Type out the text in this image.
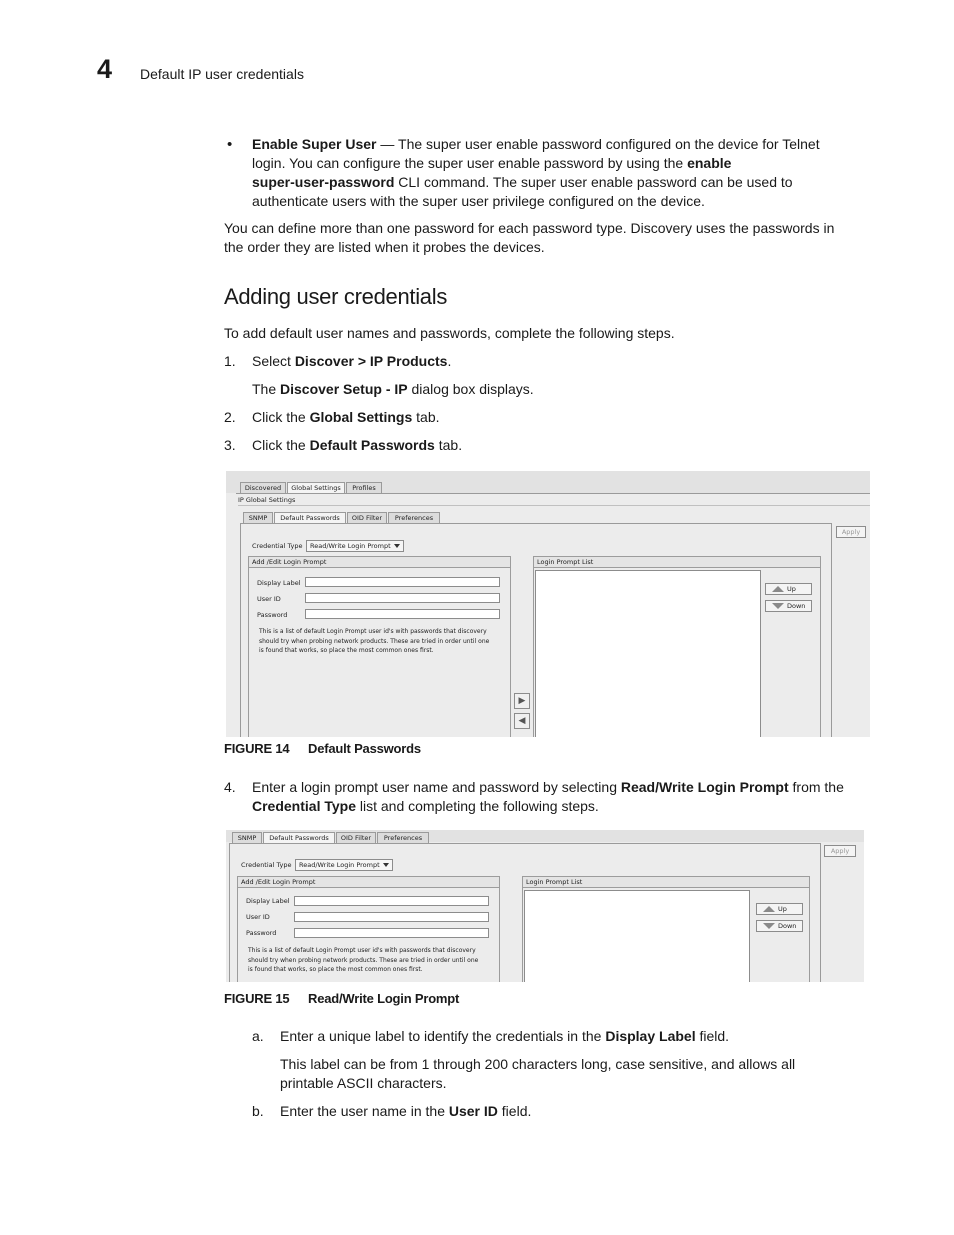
4 Default IP user credentials
• Enable Super User — The super user enable password configured on the device for Telnet
login. You can configure the super user enable password by using the enable
super-user-password CLI command. The super user enable password can be used to
authenticate users with the super user privilege configured on the device.
You can define more than one password for each password type. Discovery uses the passwords in
the order they are listed when it probes the devices.
Adding user credentials
To add default user names and passwords, complete the following steps.
1. Select Discover > IP Products.
The Discover Setup - IP dialog box displays.
2. Click the Global Settings tab.
3. Click the Default Passwords tab.
Discovered	Global Settings	Profiles
IP Global Settings
SNMP	Default Passwords	OID Filter	Preferences
Apply
Credential Type	Read/Write Login Prompt
Add /Edit Login Prompt
Display Label
User ID
Password
This is a list of default Login Prompt user id's with passwords that discovery
should try when probing network products. These are tried in order until one
is found that works, so place the most common ones first.
▶
◀
Login Prompt List
Up
Down
FIGURE 14 Default Passwords
4. Enter a login prompt user name and password by selecting Read/Write Login Prompt from the
Credential Type list and completing the following steps.
SNMP	Default Passwords	OID Filter	Preferences
Apply
Credential Type	Read/Write Login Prompt
Add /Edit Login Prompt
Display Label
User ID
Password
This is a list of default Login Prompt user id's with passwords that discovery
should try when probing network products. These are tried in order until one
is found that works, so place the most common ones first.
Login Prompt List
Up
Down
FIGURE 15 Read/Write Login Prompt
a. Enter a unique label to identify the credentials in the Display Label field.
This label can be from 1 through 200 characters long, case sensitive, and allows all
printable ASCII characters.
b. Enter the user name in the User ID field.
